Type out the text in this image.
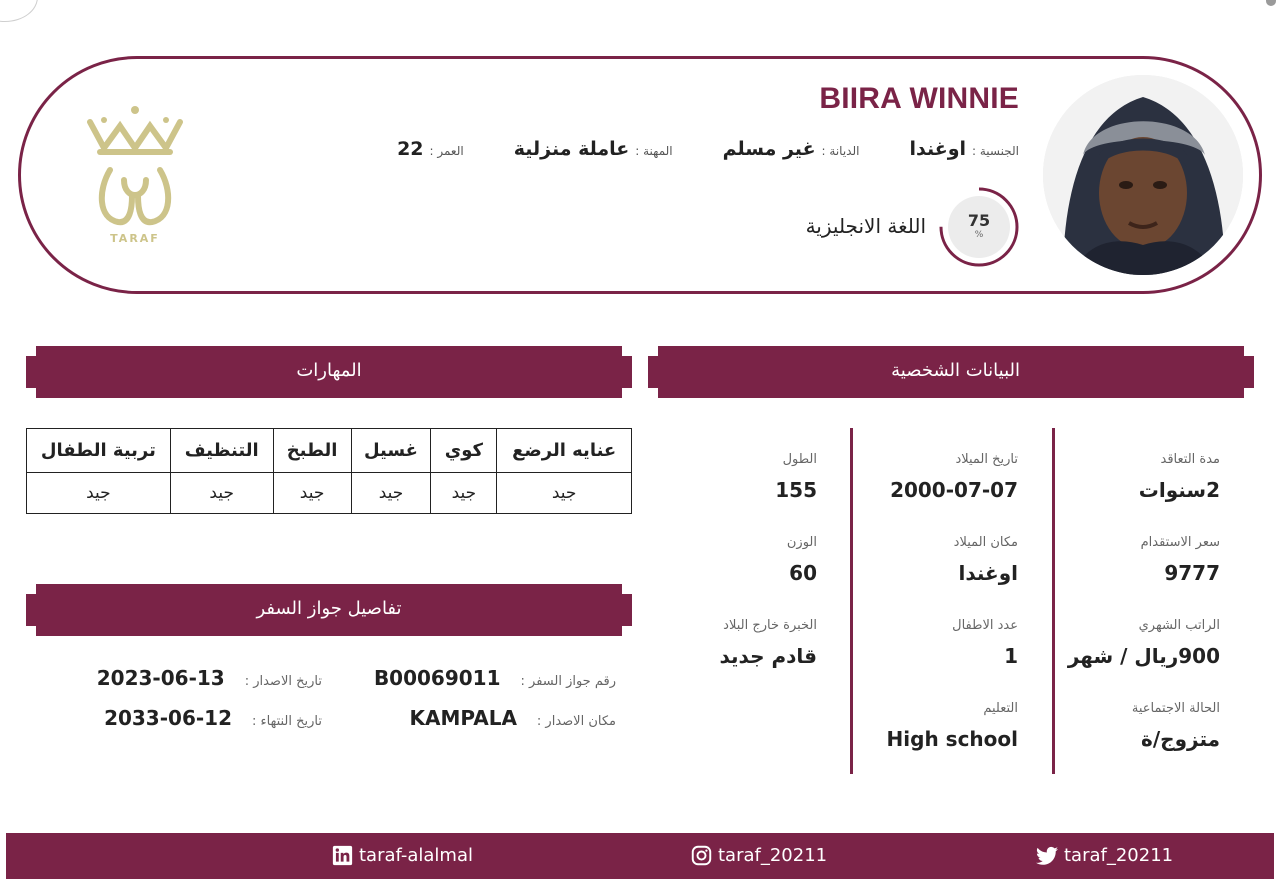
BIIRA WINNIE
الجنسية :
اوغندا
الديانة :
غير مسلم
المهنة :
عاملة منزلية
العمر :
22
75
%
اللغة الانجليزية
TARAF
البيانات الشخصية
المهارات
تفاصيل جواز السفر
مدة التعاقد
2سنوات
سعر الاستقدام
9777
الراتب الشهري
900ريال / شهر
الحالة الاجتماعية
متزوج/ة
تاريخ الميلاد
2000-07-07
مكان الميلاد
اوغندا
عدد الاطفال
1
التعليم
High school
الطول
155
الوزن
60
الخبرة خارج البلاد
قادم جديد
عنايه الرضع	كوي	غسيل	الطبخ	التنظيف	تربية الطفال
جيد	جيد	جيد	جيد	جيد	جيد
رقم جواز السفر :
B00069011
تاريخ الاصدار :
2023-06-13
مكان الاصدار :
KAMPALA
تاريخ النتهاء :
2033-06-12
taraf_20211
taraf_20211
taraf-alalmal
